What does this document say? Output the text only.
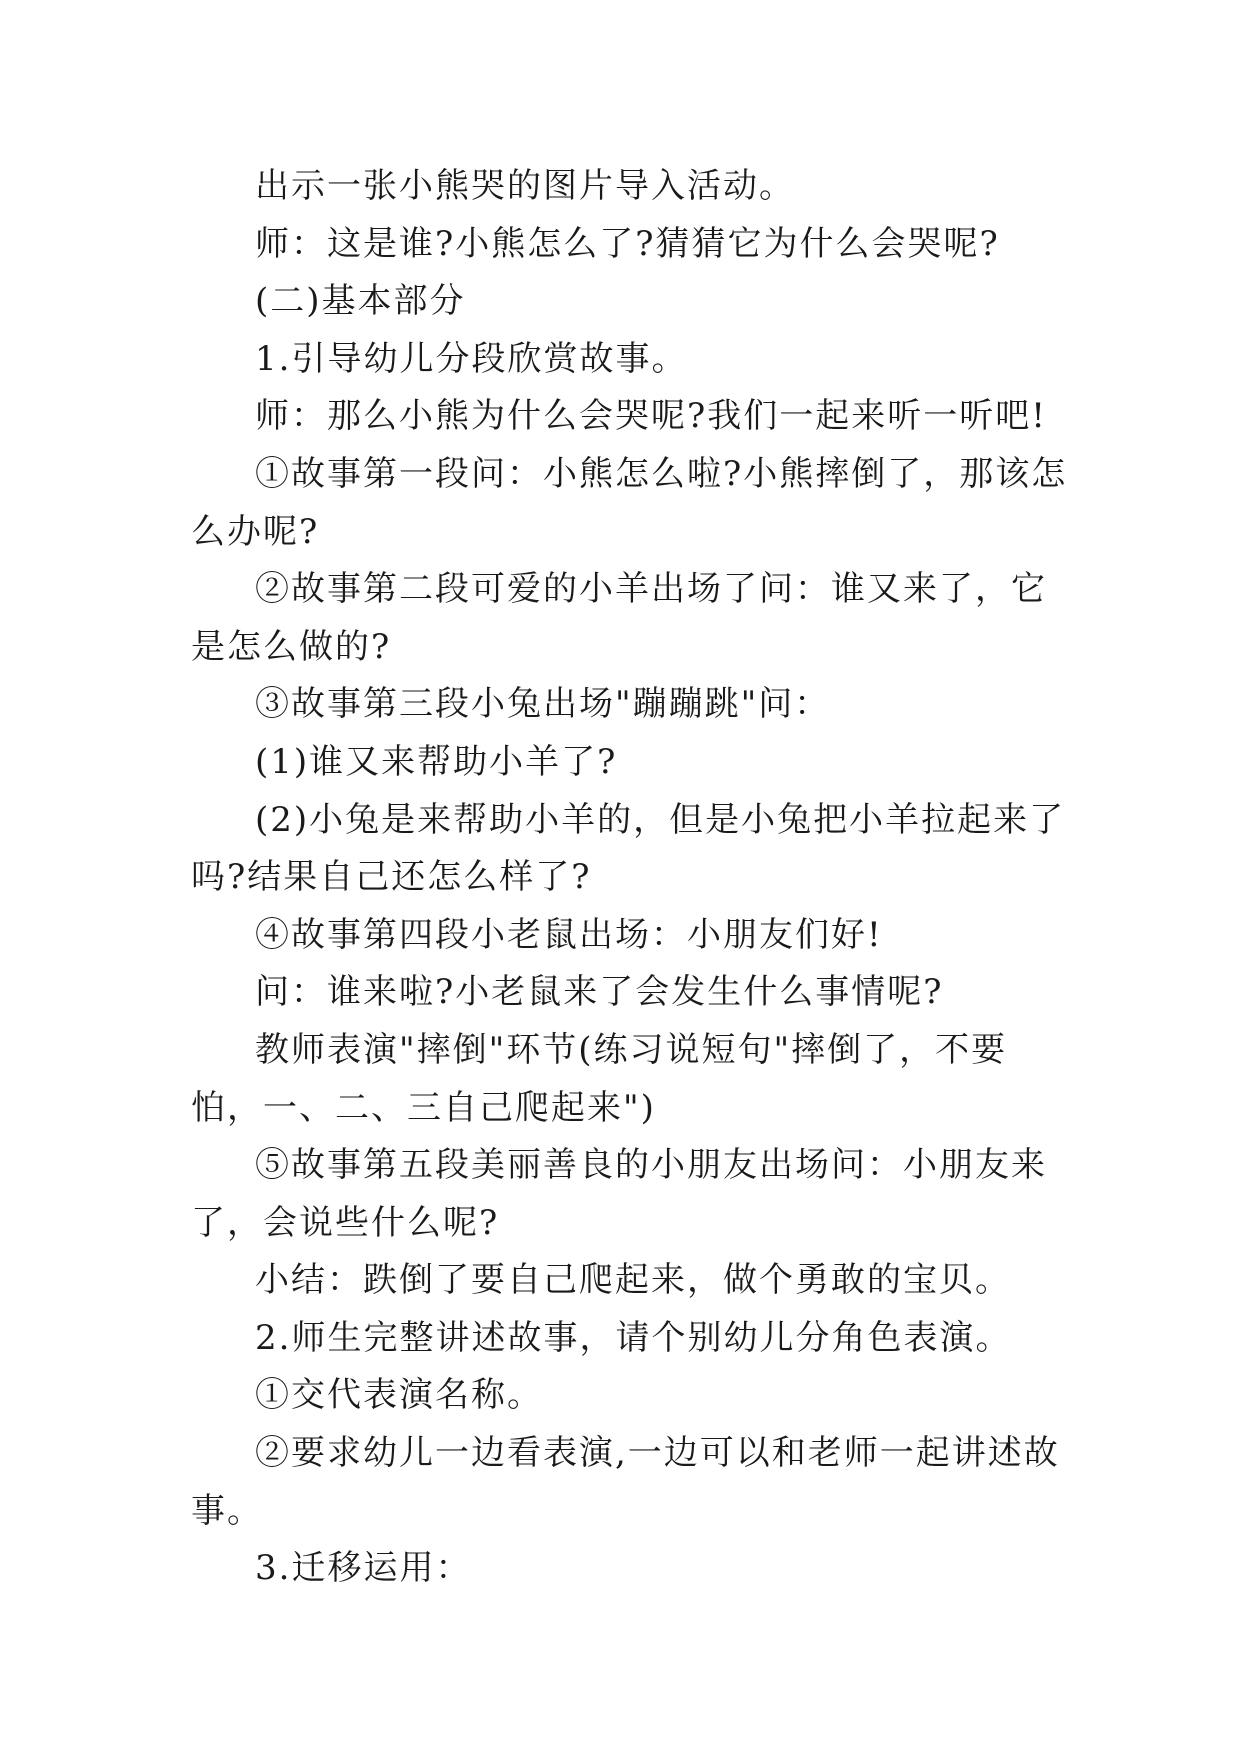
出示一张小熊哭的图片导入活动。

师：这是谁?小熊怎么了?猜猜它为什么会哭呢?

(二)基本部分

1.引导幼儿分段欣赏故事。

师：那么小熊为什么会哭呢?我们一起来听一听吧!

①故事第一段问：小熊怎么啦?小熊摔倒了，那该怎么办呢?

②故事第二段可爱的小羊出场了问：谁又来了，它是怎么做的?

③故事第三段小兔出场"蹦蹦跳"问：

(1)谁又来帮助小羊了?

(2)小兔是来帮助小羊的，但是小兔把小羊拉起来了吗?结果自己还怎么样了?

④故事第四段小老鼠出场：小朋友们好!

问：谁来啦?小老鼠来了会发生什么事情呢?

教师表演"摔倒"环节(练习说短句"摔倒了，不要怕，一、二、三自己爬起来")

⑤故事第五段美丽善良的小朋友出场问：小朋友来了，会说些什么呢?

小结：跌倒了要自己爬起来，做个勇敢的宝贝。

2.师生完整讲述故事，请个别幼儿分角色表演。

①交代表演名称。

②要求幼儿一边看表演,一边可以和老师一起讲述故事。

3.迁移运用：
